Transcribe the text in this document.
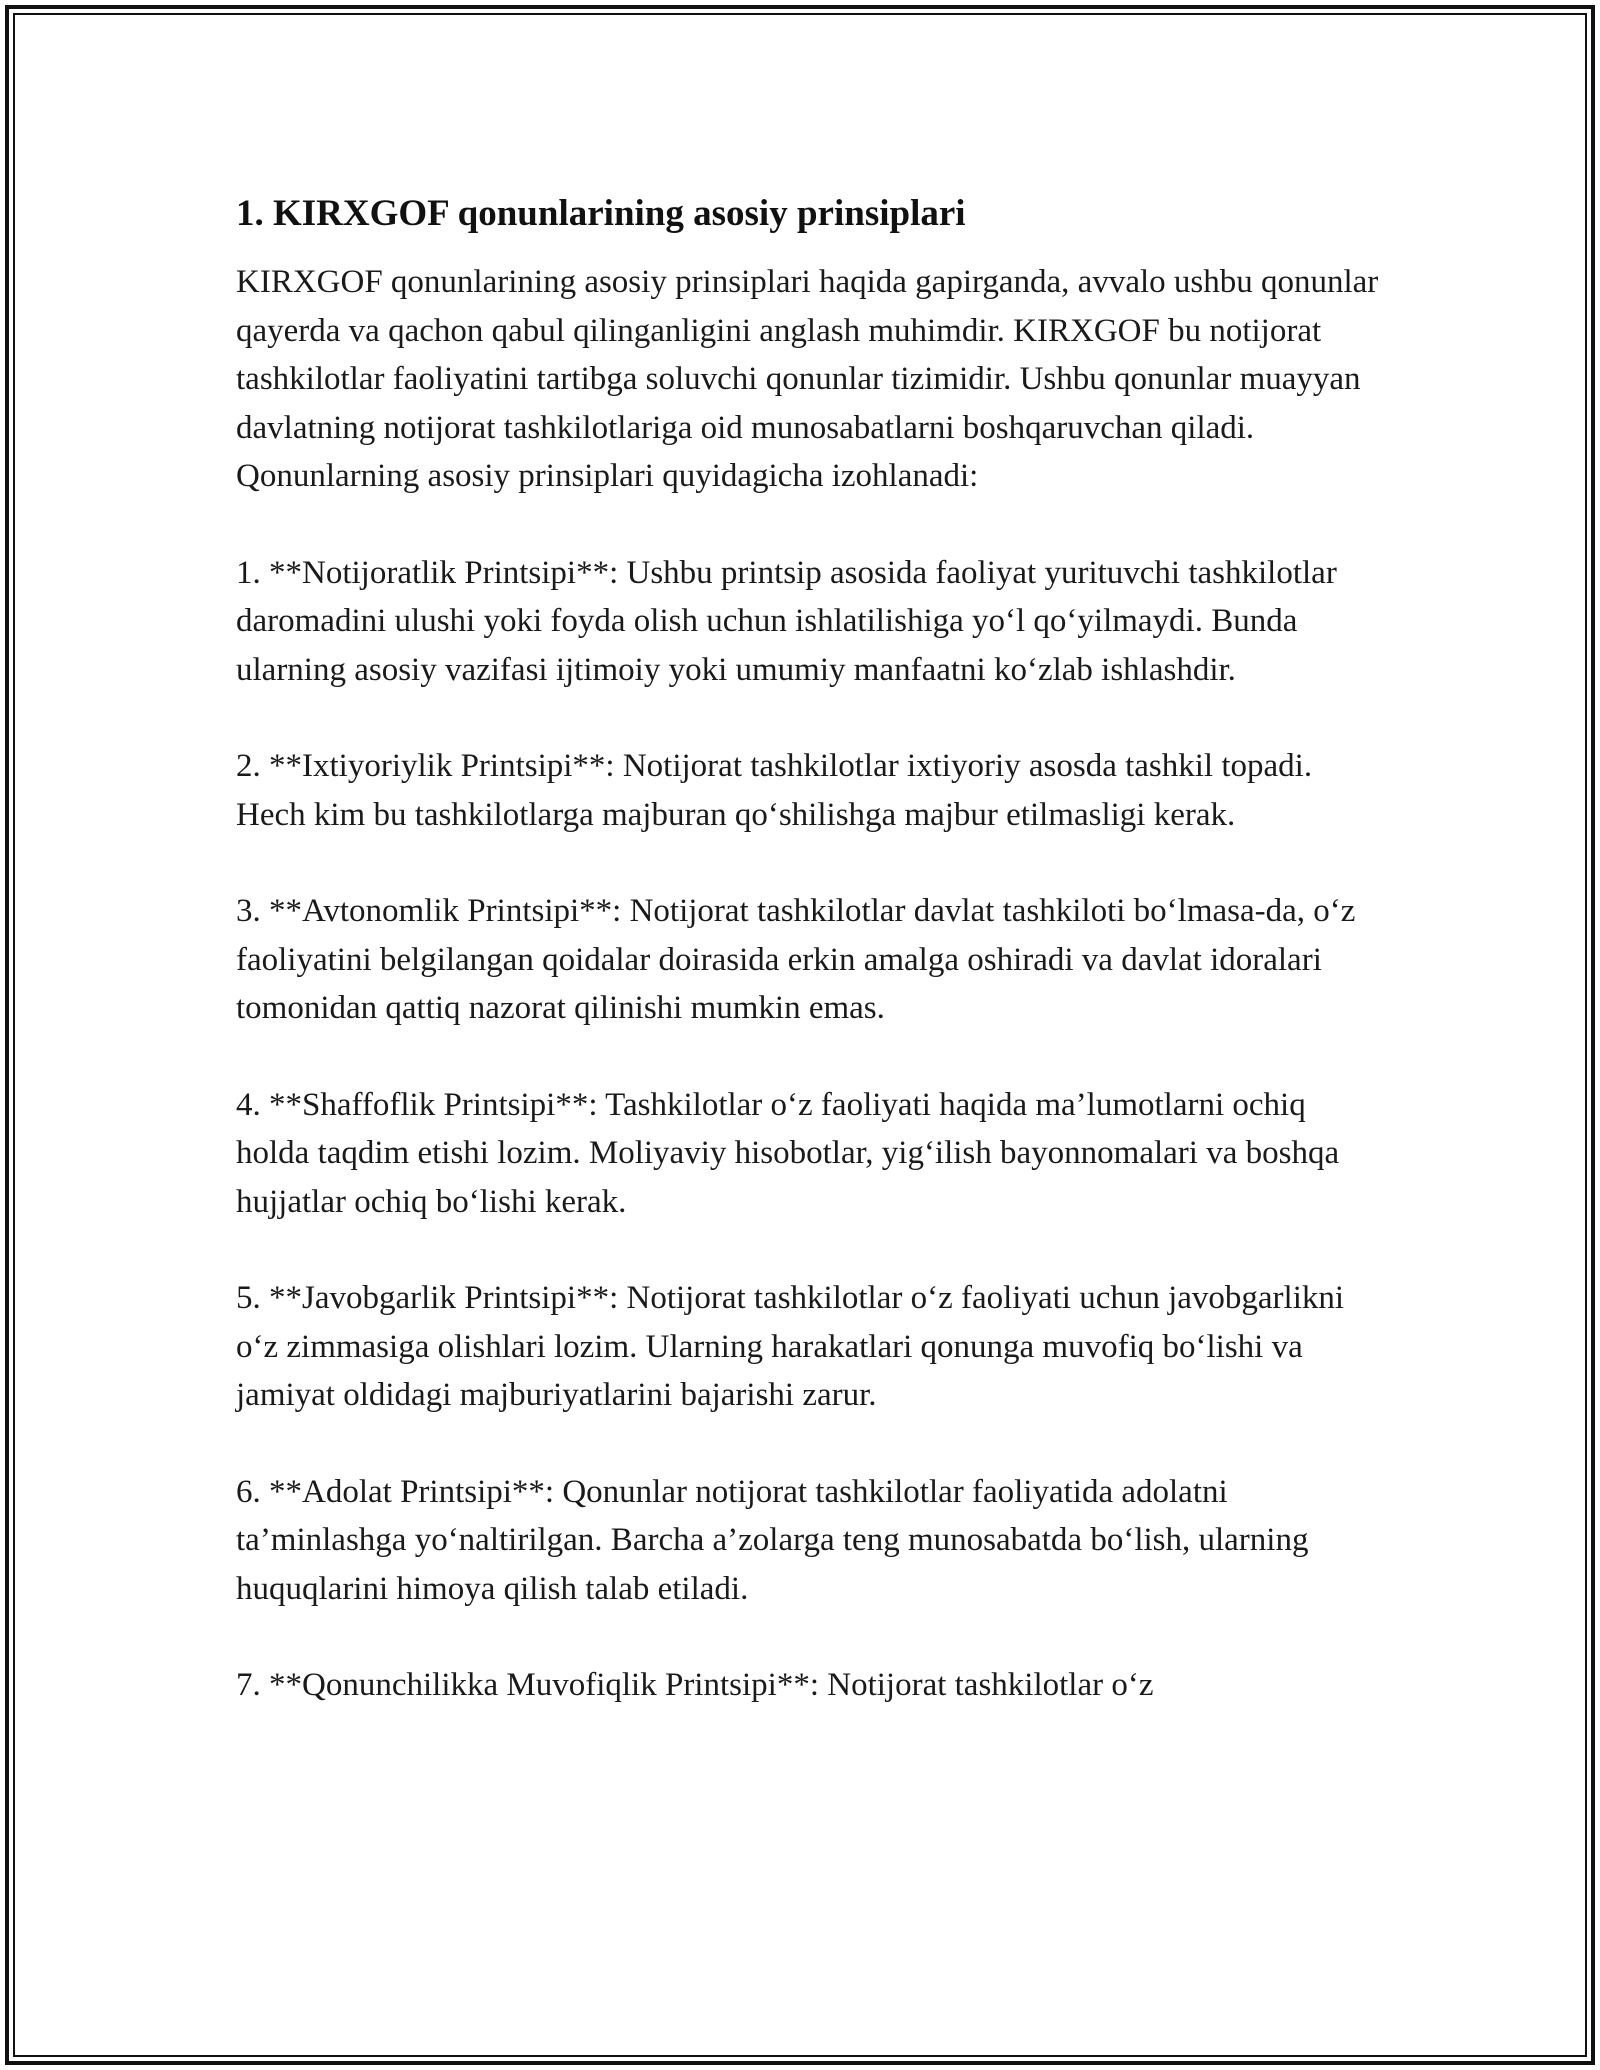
1. KIRXGOF qonunlarining asosiy prinsiplari

KIRXGOF qonunlarining asosiy prinsiplari haqida gapirganda, avvalo ushbu qonunlar qayerda va qachon qabul qilinganligini anglash muhimdir. KIRXGOF bu notijorat tashkilotlar faoliyatini tartibga soluvchi qonunlar tizimidir. Ushbu qonunlar muayyan davlatning notijorat tashkilotlariga oid munosabatlarni boshqaruvchan qiladi. Qonunlarning asosiy prinsiplari quyidagicha izohlanadi:

1. **Notijoratlik Printsipi**: Ushbu printsip asosida faoliyat yurituvchi tashkilotlar daromadini ulushi yoki foyda olish uchun ishlatilishiga yo‘l qo‘yilmaydi. Bunda ularning asosiy vazifasi ijtimoiy yoki umumiy manfaatni ko‘zlab ishlashdir.

2. **Ixtiyoriylik Printsipi**: Notijorat tashkilotlar ixtiyoriy asosda tashkil topadi. Hech kim bu tashkilotlarga majburan qo‘shilishga majbur etilmasligi kerak.

3. **Avtonomlik Printsipi**: Notijorat tashkilotlar davlat tashkiloti bo‘lmasa-da, o‘z faoliyatini belgilangan qoidalar doirasida erkin amalga oshiradi va davlat idoralari tomonidan qattiq nazorat qilinishi mumkin emas.

4. **Shaffoflik Printsipi**: Tashkilotlar o‘z faoliyati haqida ma’lumotlarni ochiq holda taqdim etishi lozim. Moliyaviy hisobotlar, yig‘ilish bayonnomalari va boshqa hujjatlar ochiq bo‘lishi kerak.

5. **Javobgarlik Printsipi**: Notijorat tashkilotlar o‘z faoliyati uchun javobgarlikni o‘z zimmasiga olishlari lozim. Ularning harakatlari qonunga muvofiq bo‘lishi va jamiyat oldidagi majburiyatlarini bajarishi zarur.

6. **Adolat Printsipi**: Qonunlar notijorat tashkilotlar faoliyatida adolatni ta’minlashga yo‘naltirilgan. Barcha a’zolarga teng munosabatda bo‘lish, ularning huquqlarini himoya qilish talab etiladi.

7. **Qonunchilikka Muvofiqlik Printsipi**: Notijorat tashkilotlar o‘z
